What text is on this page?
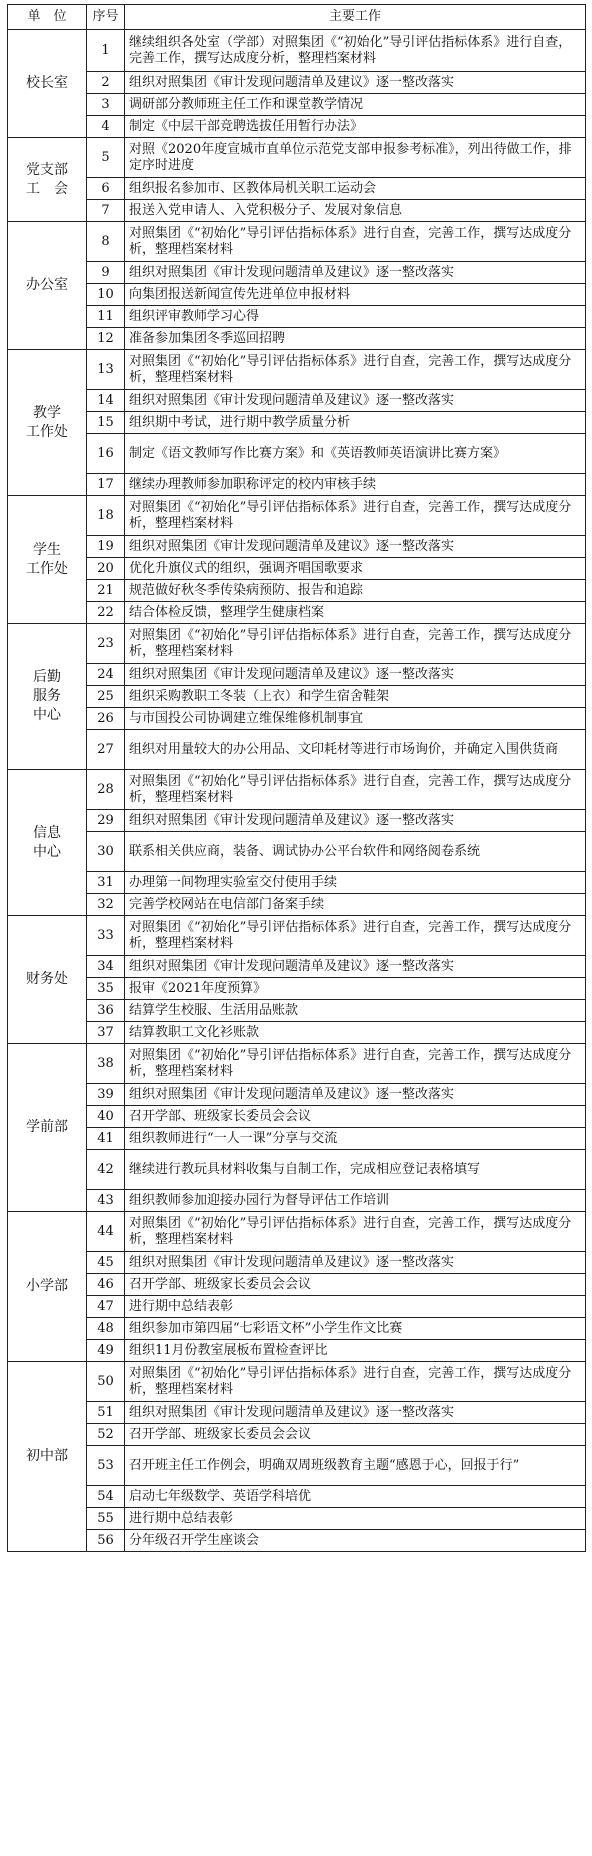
单　位	序号	主要工作
校长室	1	继续组织各处室（学部）对照集团《“初始化”导引评估指标体系》进行自查，完善工作，撰写达成度分析，整理档案材料
	2	组织对照集团《审计发现问题清单及建议》逐一整改落实
	3	调研部分教师班主任工作和课堂教学情况
	4	制定《中层干部竞聘选拔任用暂行办法》
党支部
工　会	5	对照《2020年度宣城市直单位示范党支部申报参考标准》，列出待做工作，排定序时进度
	6	组织报名参加市、区教体局机关职工运动会
	7	报送入党申请人、入党积极分子、发展对象信息
办公室	8	对照集团《“初始化”导引评估指标体系》进行自查，完善工作，撰写达成度分析，整理档案材料
	9	组织对照集团《审计发现问题清单及建议》逐一整改落实
	10	向集团报送新闻宣传先进单位申报材料
	11	组织评审教师学习心得
	12	准备参加集团冬季巡回招聘
教学
工作处	13	对照集团《“初始化”导引评估指标体系》进行自查，完善工作，撰写达成度分析，整理档案材料
	14	组织对照集团《审计发现问题清单及建议》逐一整改落实
	15	组织期中考试，进行期中教学质量分析
	16	制定《语文教师写作比赛方案》和《英语教师英语演讲比赛方案》
	17	继续办理教师参加职称评定的校内审核手续
学生
工作处	18	对照集团《“初始化”导引评估指标体系》进行自查，完善工作，撰写达成度分析，整理档案材料
	19	组织对照集团《审计发现问题清单及建议》逐一整改落实
	20	优化升旗仪式的组织，强调齐唱国歌要求
	21	规范做好秋冬季传染病预防、报告和追踪
	22	结合体检反馈，整理学生健康档案
后勤
服务
中心	23	对照集团《“初始化”导引评估指标体系》进行自查，完善工作，撰写达成度分析，整理档案材料
	24	组织对照集团《审计发现问题清单及建议》逐一整改落实
	25	组织采购教职工冬装（上衣）和学生宿舍鞋架
	26	与市国投公司协调建立维保维修机制事宜
	27	组织对用量较大的办公用品、文印耗材等进行市场询价，并确定入围供货商
信息
中心	28	对照集团《“初始化”导引评估指标体系》进行自查，完善工作，撰写达成度分析，整理档案材料
	29	组织对照集团《审计发现问题清单及建议》逐一整改落实
	30	联系相关供应商，装备、调试协办公平台软件和网络阅卷系统
	31	办理第一间物理实验室交付使用手续
	32	完善学校网站在电信部门备案手续
财务处	33	对照集团《“初始化”导引评估指标体系》进行自查，完善工作，撰写达成度分析，整理档案材料
	34	组织对照集团《审计发现问题清单及建议》逐一整改落实
	35	报审《2021年度预算》
	36	结算学生校服、生活用品账款
	37	结算教职工文化衫账款
学前部	38	对照集团《“初始化”导引评估指标体系》进行自查，完善工作，撰写达成度分析，整理档案材料
	39	组织对照集团《审计发现问题清单及建议》逐一整改落实
	40	召开学部、班级家长委员会会议
	41	组织教师进行“一人一课”分享与交流
	42	继续进行教玩具材料收集与自制工作，完成相应登记表格填写
	43	组织教师参加迎接办园行为督导评估工作培训
小学部	44	对照集团《“初始化”导引评估指标体系》进行自查，完善工作，撰写达成度分析，整理档案材料
	45	组织对照集团《审计发现问题清单及建议》逐一整改落实
	46	召开学部、班级家长委员会会议
	47	进行期中总结表彰
	48	组织参加市第四届“七彩语文杯”小学生作文比赛
	49	组织11月份教室展板布置检查评比
初中部	50	对照集团《“初始化”导引评估指标体系》进行自查，完善工作，撰写达成度分析，整理档案材料
	51	组织对照集团《审计发现问题清单及建议》逐一整改落实
	52	召开学部、班级家长委员会会议
	53	召开班主任工作例会，明确双周班级教育主题“感恩于心，回报于行”
	54	启动七年级数学、英语学科培优
	55	进行期中总结表彰
	56	分年级召开学生座谈会
